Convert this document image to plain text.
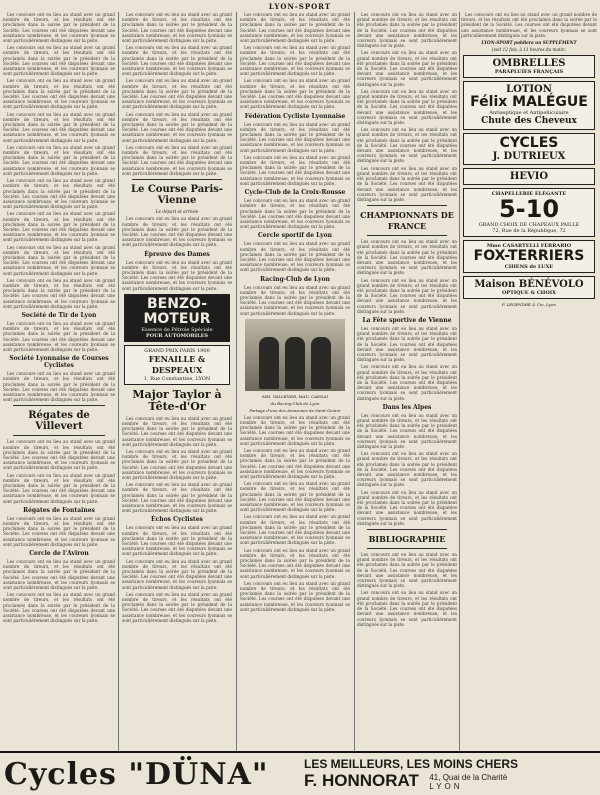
LYON-SPORT

Les concours ont eu lieu au stand avec un grand nombre de tireurs, et les résultats ont été proclamés dans la soirée par le président de la Société. Les courses ont été disputées devant une assistance nombreuse, et les coureurs lyonnais se sont particulièrement distingués sur la piste.

Les concours ont eu lieu au stand avec un grand nombre de tireurs, et les résultats ont été proclamés dans la soirée par le président de la Société. Les courses ont été disputées devant une assistance nombreuse, et les coureurs lyonnais se sont particulièrement distingués sur la piste.

Les concours ont eu lieu au stand avec un grand nombre de tireurs, et les résultats ont été proclamés dans la soirée par le président de la Société. Les courses ont été disputées devant une assistance nombreuse, et les coureurs lyonnais se sont particulièrement distingués sur la piste.

Les concours ont eu lieu au stand avec un grand nombre de tireurs, et les résultats ont été proclamés dans la soirée par le président de la Société. Les courses ont été disputées devant une assistance nombreuse, et les coureurs lyonnais se sont particulièrement distingués sur la piste.

Les concours ont eu lieu au stand avec un grand nombre de tireurs, et les résultats ont été proclamés dans la soirée par le président de la Société. Les courses ont été disputées devant une assistance nombreuse, et les coureurs lyonnais se sont particulièrement distingués sur la piste.

Les concours ont eu lieu au stand avec un grand nombre de tireurs, et les résultats ont été proclamés dans la soirée par le président de la Société. Les courses ont été disputées devant une assistance nombreuse, et les coureurs lyonnais se sont particulièrement distingués sur la piste.

Les concours ont eu lieu au stand avec un grand nombre de tireurs, et les résultats ont été proclamés dans la soirée par le président de la Société. Les courses ont été disputées devant une assistance nombreuse, et les coureurs lyonnais se sont particulièrement distingués sur la piste.

Les concours ont eu lieu au stand avec un grand nombre de tireurs, et les résultats ont été proclamés dans la soirée par le président de la Société. Les courses ont été disputées devant une assistance nombreuse, et les coureurs lyonnais se sont particulièrement distingués sur la piste.

Les concours ont eu lieu au stand avec un grand nombre de tireurs, et les résultats ont été proclamés dans la soirée par le président de la Société. Les courses ont été disputées devant une assistance nombreuse, et les coureurs lyonnais se sont particulièrement distingués sur la piste.

Société de Tir de Lyon

Les concours ont eu lieu au stand avec un grand nombre de tireurs, et les résultats ont été proclamés dans la soirée par le président de la Société. Les courses ont été disputées devant une assistance nombreuse, et les coureurs lyonnais se sont particulièrement distingués sur la piste.

Société Lyonnaise de Courses Cyclistes

Les concours ont eu lieu au stand avec un grand nombre de tireurs, et les résultats ont été proclamés dans la soirée par le président de la Société. Les courses ont été disputées devant une assistance nombreuse, et les coureurs lyonnais se sont particulièrement distingués sur la piste.

Régates de Villevert

Les concours ont eu lieu au stand avec un grand nombre de tireurs, et les résultats ont été proclamés dans la soirée par le président de la Société. Les courses ont été disputées devant une assistance nombreuse, et les coureurs lyonnais se sont particulièrement distingués sur la piste.

Les concours ont eu lieu au stand avec un grand nombre de tireurs, et les résultats ont été proclamés dans la soirée par le président de la Société. Les courses ont été disputées devant une assistance nombreuse, et les coureurs lyonnais se sont particulièrement distingués sur la piste.

Régates de Fontaines

Les concours ont eu lieu au stand avec un grand nombre de tireurs, et les résultats ont été proclamés dans la soirée par le président de la Société. Les courses ont été disputées devant une assistance nombreuse, et les coureurs lyonnais se sont particulièrement distingués sur la piste.

Cercle de l'Aviron

Les concours ont eu lieu au stand avec un grand nombre de tireurs, et les résultats ont été proclamés dans la soirée par le président de la Société. Les courses ont été disputées devant une assistance nombreuse, et les coureurs lyonnais se sont particulièrement distingués sur la piste.

Les concours ont eu lieu au stand avec un grand nombre de tireurs, et les résultats ont été proclamés dans la soirée par le président de la Société. Les courses ont été disputées devant une assistance nombreuse, et les coureurs lyonnais se sont particulièrement distingués sur la piste.

Les concours ont eu lieu au stand avec un grand nombre de tireurs, et les résultats ont été proclamés dans la soirée par le président de la Société. Les courses ont été disputées devant une assistance nombreuse, et les coureurs lyonnais se sont particulièrement distingués sur la piste.

Les concours ont eu lieu au stand avec un grand nombre de tireurs, et les résultats ont été proclamés dans la soirée par le président de la Société. Les courses ont été disputées devant une assistance nombreuse, et les coureurs lyonnais se sont particulièrement distingués sur la piste.

Les concours ont eu lieu au stand avec un grand nombre de tireurs, et les résultats ont été proclamés dans la soirée par le président de la Société. Les courses ont été disputées devant une assistance nombreuse, et les coureurs lyonnais se sont particulièrement distingués sur la piste.

Les concours ont eu lieu au stand avec un grand nombre de tireurs, et les résultats ont été proclamés dans la soirée par le président de la Société. Les courses ont été disputées devant une assistance nombreuse, et les coureurs lyonnais se sont particulièrement distingués sur la piste.

Les concours ont eu lieu au stand avec un grand nombre de tireurs, et les résultats ont été proclamés dans la soirée par le président de la Société. Les courses ont été disputées devant une assistance nombreuse, et les coureurs lyonnais se sont particulièrement distingués sur la piste.

Le Course Paris-Vienne
Le départ et arrivée

Les concours ont eu lieu au stand avec un grand nombre de tireurs, et les résultats ont été proclamés dans la soirée par le président de la Société. Les courses ont été disputées devant une assistance nombreuse, et les coureurs lyonnais se sont particulièrement distingués sur la piste.

Épreuve des Dames

Les concours ont eu lieu au stand avec un grand nombre de tireurs, et les résultats ont été proclamés dans la soirée par le président de la Société. Les courses ont été disputées devant une assistance nombreuse, et les coureurs lyonnais se sont particulièrement distingués sur la piste.

BENZO-MOTEUR
Essence de Pétrole Spéciale
POUR AUTOMOBILES
GRAND PRIX PARIS 1900
FENAILLE & DESPEAUX
1, Rue Constantine, LYON
Major Taylor à Tête-d'Or

Les concours ont eu lieu au stand avec un grand nombre de tireurs, et les résultats ont été proclamés dans la soirée par le président de la Société. Les courses ont été disputées devant une assistance nombreuse, et les coureurs lyonnais se sont particulièrement distingués sur la piste.

Les concours ont eu lieu au stand avec un grand nombre de tireurs, et les résultats ont été proclamés dans la soirée par le président de la Société. Les courses ont été disputées devant une assistance nombreuse, et les coureurs lyonnais se sont particulièrement distingués sur la piste.

Les concours ont eu lieu au stand avec un grand nombre de tireurs, et les résultats ont été proclamés dans la soirée par le président de la Société. Les courses ont été disputées devant une assistance nombreuse, et les coureurs lyonnais se sont particulièrement distingués sur la piste.

Échos Cyclistes

Les concours ont eu lieu au stand avec un grand nombre de tireurs, et les résultats ont été proclamés dans la soirée par le président de la Société. Les courses ont été disputées devant une assistance nombreuse, et les coureurs lyonnais se sont particulièrement distingués sur la piste.

Les concours ont eu lieu au stand avec un grand nombre de tireurs, et les résultats ont été proclamés dans la soirée par le président de la Société. Les courses ont été disputées devant une assistance nombreuse, et les coureurs lyonnais se sont particulièrement distingués sur la piste.

Les concours ont eu lieu au stand avec un grand nombre de tireurs, et les résultats ont été proclamés dans la soirée par le président de la Société. Les courses ont été disputées devant une assistance nombreuse, et les coureurs lyonnais se sont particulièrement distingués sur la piste.

Les concours ont eu lieu au stand avec un grand nombre de tireurs, et les résultats ont été proclamés dans la soirée par le président de la Société. Les courses ont été disputées devant une assistance nombreuse, et les coureurs lyonnais se sont particulièrement distingués sur la piste.

Les concours ont eu lieu au stand avec un grand nombre de tireurs, et les résultats ont été proclamés dans la soirée par le président de la Société. Les courses ont été disputées devant une assistance nombreuse, et les coureurs lyonnais se sont particulièrement distingués sur la piste.

Les concours ont eu lieu au stand avec un grand nombre de tireurs, et les résultats ont été proclamés dans la soirée par le président de la Société. Les courses ont été disputées devant une assistance nombreuse, et les coureurs lyonnais se sont particulièrement distingués sur la piste.

Fédération Cycliste Lyonnaise

Les concours ont eu lieu au stand avec un grand nombre de tireurs, et les résultats ont été proclamés dans la soirée par le président de la Société. Les courses ont été disputées devant une assistance nombreuse, et les coureurs lyonnais se sont particulièrement distingués sur la piste.

Les concours ont eu lieu au stand avec un grand nombre de tireurs, et les résultats ont été proclamés dans la soirée par le président de la Société. Les courses ont été disputées devant une assistance nombreuse, et les coureurs lyonnais se sont particulièrement distingués sur la piste.

Cycle-Club de la Croix-Rousse

Les concours ont eu lieu au stand avec un grand nombre de tireurs, et les résultats ont été proclamés dans la soirée par le président de la Société. Les courses ont été disputées devant une assistance nombreuse, et les coureurs lyonnais se sont particulièrement distingués sur la piste.

Cercle sportif de Lyon

Les concours ont eu lieu au stand avec un grand nombre de tireurs, et les résultats ont été proclamés dans la soirée par le président de la Société. Les courses ont été disputées devant une assistance nombreuse, et les coureurs lyonnais se sont particulièrement distingués sur la piste.

Racing-Club de Lyon

Les concours ont eu lieu au stand avec un grand nombre de tireurs, et les résultats ont été proclamés dans la soirée par le président de la Société. Les courses ont été disputées devant une assistance nombreuse, et les coureurs lyonnais se sont particulièrement distingués sur la piste.

MM. VALLENER, MAU, CAENAI
du Racing-Club de Lyon
Partage d'une des Amazones de Saint-Geoire

Les concours ont eu lieu au stand avec un grand nombre de tireurs, et les résultats ont été proclamés dans la soirée par le président de la Société. Les courses ont été disputées devant une assistance nombreuse, et les coureurs lyonnais se sont particulièrement distingués sur la piste.

Les concours ont eu lieu au stand avec un grand nombre de tireurs, et les résultats ont été proclamés dans la soirée par le président de la Société. Les courses ont été disputées devant une assistance nombreuse, et les coureurs lyonnais se sont particulièrement distingués sur la piste.

Les concours ont eu lieu au stand avec un grand nombre de tireurs, et les résultats ont été proclamés dans la soirée par le président de la Société. Les courses ont été disputées devant une assistance nombreuse, et les coureurs lyonnais se sont particulièrement distingués sur la piste.

Les concours ont eu lieu au stand avec un grand nombre de tireurs, et les résultats ont été proclamés dans la soirée par le président de la Société. Les courses ont été disputées devant une assistance nombreuse, et les coureurs lyonnais se sont particulièrement distingués sur la piste.

Les concours ont eu lieu au stand avec un grand nombre de tireurs, et les résultats ont été proclamés dans la soirée par le président de la Société. Les courses ont été disputées devant une assistance nombreuse, et les coureurs lyonnais se sont particulièrement distingués sur la piste.

Les concours ont eu lieu au stand avec un grand nombre de tireurs, et les résultats ont été proclamés dans la soirée par le président de la Société. Les courses ont été disputées devant une assistance nombreuse, et les coureurs lyonnais se sont particulièrement distingués sur la piste.

Les concours ont eu lieu au stand avec un grand nombre de tireurs, et les résultats ont été proclamés dans la soirée par le président de la Société. Les courses ont été disputées devant une assistance nombreuse, et les coureurs lyonnais se sont particulièrement distingués sur la piste.

Les concours ont eu lieu au stand avec un grand nombre de tireurs, et les résultats ont été proclamés dans la soirée par le président de la Société. Les courses ont été disputées devant une assistance nombreuse, et les coureurs lyonnais se sont particulièrement distingués sur la piste.

Les concours ont eu lieu au stand avec un grand nombre de tireurs, et les résultats ont été proclamés dans la soirée par le président de la Société. Les courses ont été disputées devant une assistance nombreuse, et les coureurs lyonnais se sont particulièrement distingués sur la piste.

Les concours ont eu lieu au stand avec un grand nombre de tireurs, et les résultats ont été proclamés dans la soirée par le président de la Société. Les courses ont été disputées devant une assistance nombreuse, et les coureurs lyonnais se sont particulièrement distingués sur la piste.

Les concours ont eu lieu au stand avec un grand nombre de tireurs, et les résultats ont été proclamés dans la soirée par le président de la Société. Les courses ont été disputées devant une assistance nombreuse, et les coureurs lyonnais se sont particulièrement distingués sur la piste.

CHAMPIONNATS DE FRANCE

Les concours ont eu lieu au stand avec un grand nombre de tireurs, et les résultats ont été proclamés dans la soirée par le président de la Société. Les courses ont été disputées devant une assistance nombreuse, et les coureurs lyonnais se sont particulièrement distingués sur la piste.

Les concours ont eu lieu au stand avec un grand nombre de tireurs, et les résultats ont été proclamés dans la soirée par le président de la Société. Les courses ont été disputées devant une assistance nombreuse, et les coureurs lyonnais se sont particulièrement distingués sur la piste.

La Fête sportive de Vienne

Les concours ont eu lieu au stand avec un grand nombre de tireurs, et les résultats ont été proclamés dans la soirée par le président de la Société. Les courses ont été disputées devant une assistance nombreuse, et les coureurs lyonnais se sont particulièrement distingués sur la piste.

Les concours ont eu lieu au stand avec un grand nombre de tireurs, et les résultats ont été proclamés dans la soirée par le président de la Société. Les courses ont été disputées devant une assistance nombreuse, et les coureurs lyonnais se sont particulièrement distingués sur la piste.

Dans les Alpes

Les concours ont eu lieu au stand avec un grand nombre de tireurs, et les résultats ont été proclamés dans la soirée par le président de la Société. Les courses ont été disputées devant une assistance nombreuse, et les coureurs lyonnais se sont particulièrement distingués sur la piste.

Les concours ont eu lieu au stand avec un grand nombre de tireurs, et les résultats ont été proclamés dans la soirée par le président de la Société. Les courses ont été disputées devant une assistance nombreuse, et les coureurs lyonnais se sont particulièrement distingués sur la piste.

Les concours ont eu lieu au stand avec un grand nombre de tireurs, et les résultats ont été proclamés dans la soirée par le président de la Société. Les courses ont été disputées devant une assistance nombreuse, et les coureurs lyonnais se sont particulièrement distingués sur la piste.

BIBLIOGRAPHIE

Les concours ont eu lieu au stand avec un grand nombre de tireurs, et les résultats ont été proclamés dans la soirée par le président de la Société. Les courses ont été disputées devant une assistance nombreuse, et les coureurs lyonnais se sont particulièrement distingués sur la piste.

Les concours ont eu lieu au stand avec un grand nombre de tireurs, et les résultats ont été proclamés dans la soirée par le président de la Société. Les courses ont été disputées devant une assistance nombreuse, et les coureurs lyonnais se sont particulièrement distingués sur la piste.

Les concours ont eu lieu au stand avec un grand nombre de tireurs, et les résultats ont été proclamés dans la soirée par le président de la Société. Les courses ont été disputées devant une assistance nombreuse, et les coureurs lyonnais se sont particulièrement distingués sur la piste.

LYON-SPORT publiera un SUPPLÉMENT
(soit 12 fois, à 11 heures du matin.
OMBRELLES
PARAPLUIES FRANÇAIS
LOTION
Félix MALÉGUE
Antiseptique et Antipelliculaire
Chute des Cheveux
CYCLES
J. DUTRIEUX
HEVIO
CHAPELLERIE ÉLÉGANTE
5-10
GRAND CHOIX DE CHAPEAUX PAILLE
72, Rue de la République, 72
Mme CASARTELLI FERRARIO
FOX-TERRIERS
CHIENS de LUXE
Maison BÉNÉVOLO
OPTIQUE & CHOIX
P. LEGENDRE & Cie, Lyon
Cycles "DÜNA"	LES MEILLEURS, LES MOINS CHERS
F. HONNORAT 41, Quai de la Charité
LYON
